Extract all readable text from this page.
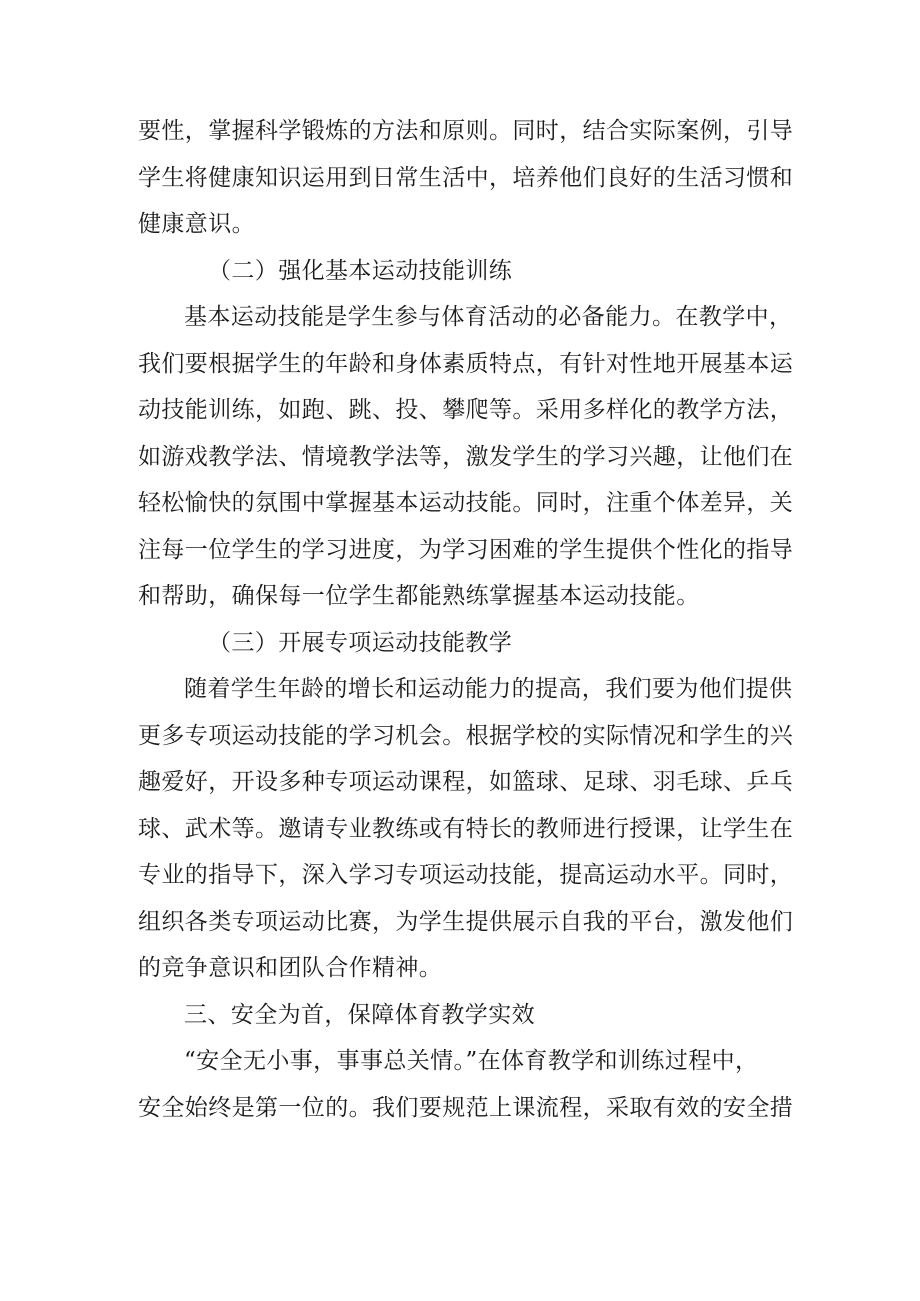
要性，掌握科学锻炼的方法和原则。同时，结合实际案例，引导
学生将健康知识运用到日常生活中，培养他们良好的生活习惯和
健康意识。
（二）强化基本运动技能训练
基本运动技能是学生参与体育活动的必备能力。在教学中，
我们要根据学生的年龄和身体素质特点，有针对性地开展基本运
动技能训练，如跑、跳、投、攀爬等。采用多样化的教学方法，
如游戏教学法、情境教学法等，激发学生的学习兴趣，让他们在
轻松愉快的氛围中掌握基本运动技能。同时，注重个体差异，关
注每一位学生的学习进度，为学习困难的学生提供个性化的指导
和帮助，确保每一位学生都能熟练掌握基本运动技能。
（三）开展专项运动技能教学
随着学生年龄的增长和运动能力的提高，我们要为他们提供
更多专项运动技能的学习机会。根据学校的实际情况和学生的兴
趣爱好，开设多种专项运动课程，如篮球、足球、羽毛球、乒乓
球、武术等。邀请专业教练或有特长的教师进行授课，让学生在
专业的指导下，深入学习专项运动技能，提高运动水平。同时，
组织各类专项运动比赛，为学生提供展示自我的平台，激发他们
的竞争意识和团队合作精神。
三、安全为首，保障体育教学实效
“安全无小事，事事总关情。”在体育教学和训练过程中，
安全始终是第一位的。我们要规范上课流程，采取有效的安全措
